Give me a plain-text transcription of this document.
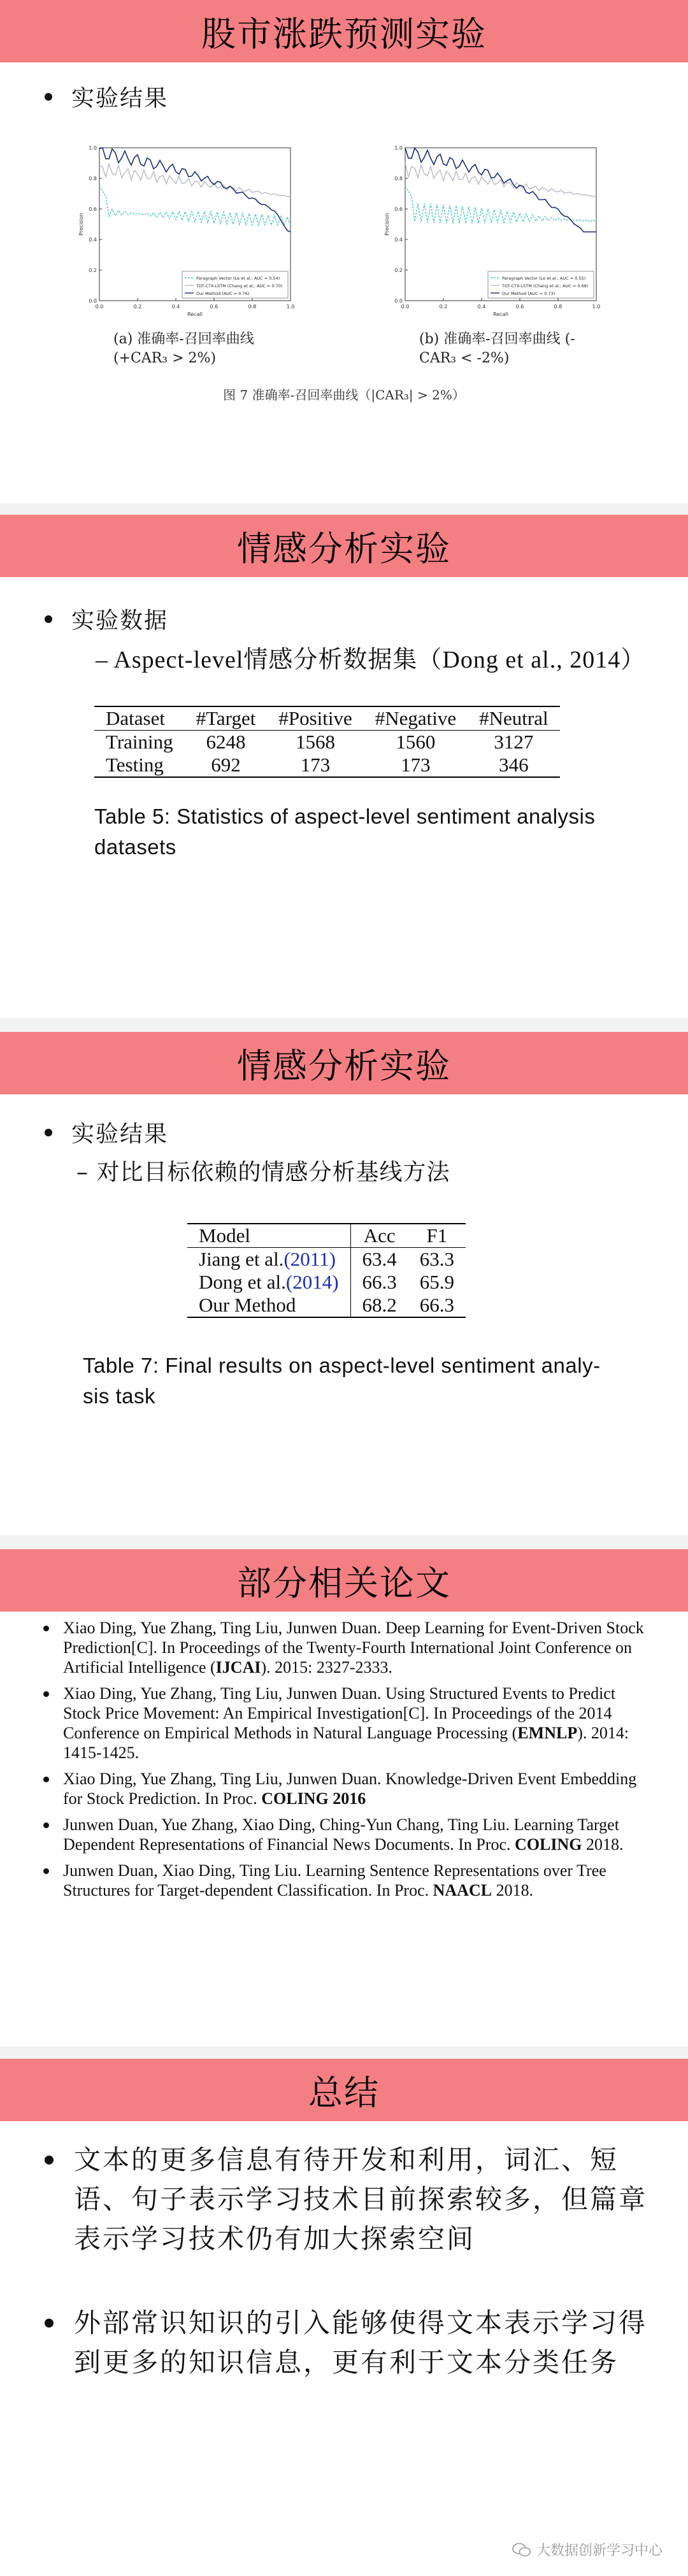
股市涨跌预测实验
实验结果
0.0	0.2	0.4	0.6	0.8	1.0
0.0
0.2
0.4
0.6
0.8
1.0
Recall
Precision
Paragraph Vector (Le et al.; AUC = 0.54)
TGT-CTX-LSTM (Chang et al.; AUC = 0.70)
Our Method (AUC = 0.76)
(a) 准确率-召回率曲线
(+CAR₃ > 2%)
0.0	0.2	0.4	0.6	0.8	1.0
0.0
0.2
0.4
0.6
0.8
1.0
Recall
Precision
Paragraph Vector (Le et al.; AUC = 0.55)
TGT-CTX-LSTM (Chang et al.; AUC = 0.68)
Our Method (AUC = 0.73)
(b) 准确率-召回率曲线 (-
CAR₃ < -2%)
图 7 准确率-召回率曲线（|CAR₃| > 2%）
情感分析实验
实验数据
– Aspect-level情感分析数据集（Dong et al., 2014）
Dataset	#Target	#Positive	#Negative	#Neutral
Training	6248	1568	1560	3127
Testing	692	173	173	346
Table 5: Statistics of aspect-level sentiment analysis
datasets
情感分析实验
实验结果
– 对比目标依赖的情感分析基线方法
Model	Acc	F1
Jiang et al.(2011)	63.4	63.3
Dong et al.(2014)	66.3	65.9
Our Method	68.2	66.3
Table 7: Final results on aspect-level sentiment analy-
sis task
部分相关论文
Xiao Ding, Yue Zhang, Ting Liu, Junwen Duan. Deep Learning for Event-Driven Stock Prediction[C]. In Proceedings of the Twenty-Fourth International Joint Conference on Artificial Intelligence (IJCAI). 2015: 2327-2333.
Xiao Ding, Yue Zhang, Ting Liu, Junwen Duan. Using Structured Events to Predict Stock Price Movement: An Empirical Investigation[C]. In Proceedings of the 2014 Conference on Empirical Methods in Natural Language Processing (EMNLP). 2014: 1415-1425.
Xiao Ding, Yue Zhang, Ting Liu, Junwen Duan. Knowledge-Driven Event Embedding for Stock Prediction. In Proc. COLING 2016
Junwen Duan, Yue Zhang, Xiao Ding, Ching-Yun Chang, Ting Liu. Learning Target Dependent Representations of Financial News Documents. In Proc. COLING 2018.
Junwen Duan, Xiao Ding, Ting Liu. Learning Sentence Representations over Tree Structures for Target-dependent Classification. In Proc. NAACL 2018.
总结
文本的更多信息有待开发和利用，词汇、短语、句子表示学习技术目前探索较多，但篇章表示学习技术仍有加大探索空间
外部常识知识的引入能够使得文本表示学习得到更多的知识信息，更有利于文本分类任务
大数据创新学习中心
